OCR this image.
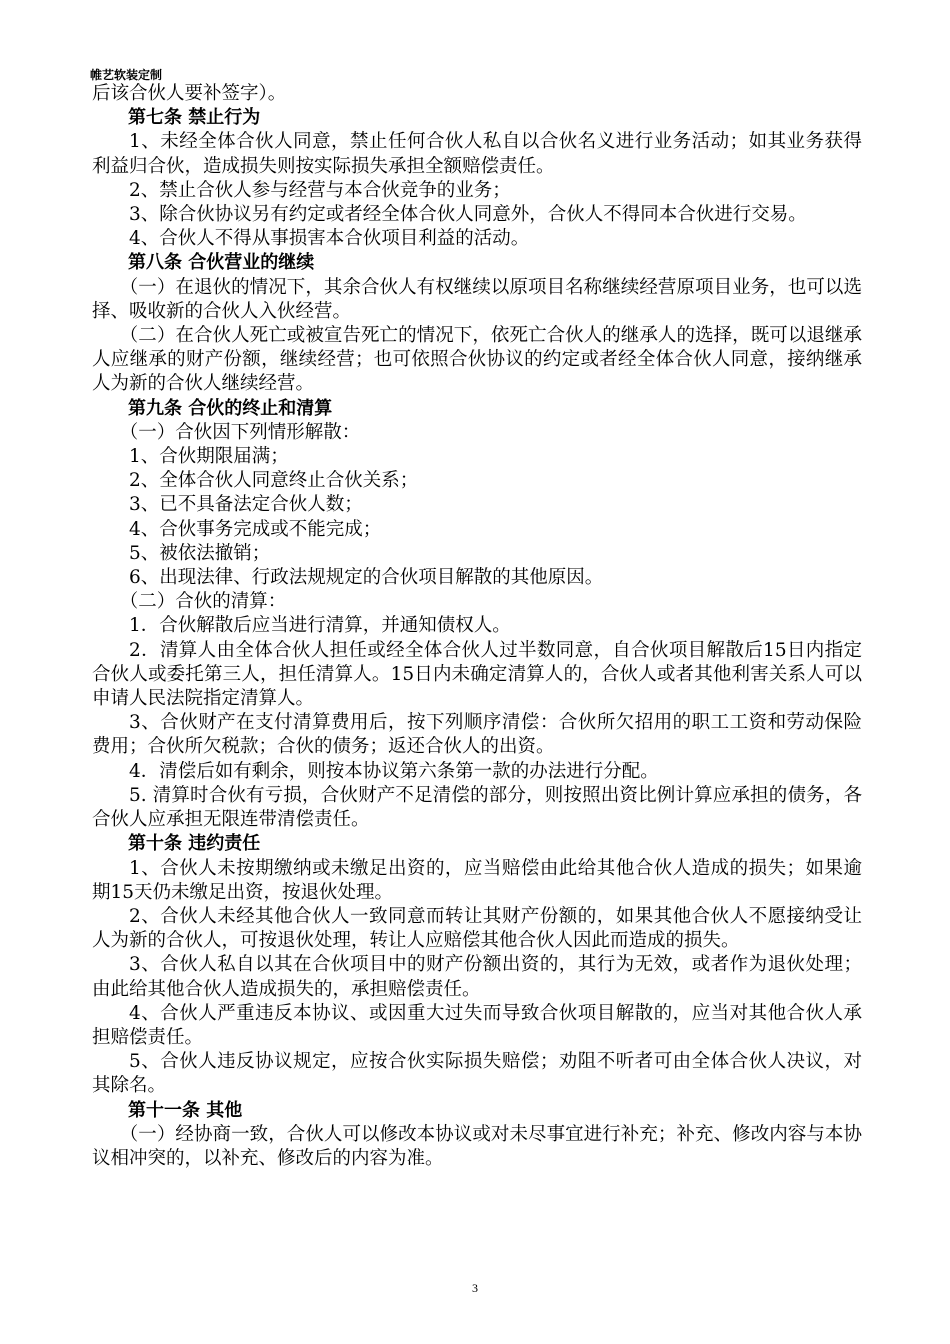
帷艺软装定制

后该合伙人要补签字）。

第七条 禁止行为

1、未经全体合伙人同意，禁止任何合伙人私自以合伙名义进行业务活动；如其业务获得利益归合伙，造成损失则按实际损失承担全额赔偿责任。

2、禁止合伙人参与经营与本合伙竞争的业务；

3、除合伙协议另有约定或者经全体合伙人同意外，合伙人不得同本合伙进行交易。

4、合伙人不得从事损害本合伙项目利益的活动。

第八条 合伙营业的继续

（一）在退伙的情况下，其余合伙人有权继续以原项目名称继续经营原项目业务，也可以选择、吸收新的合伙人入伙经营。

（二）在合伙人死亡或被宣告死亡的情况下，依死亡合伙人的继承人的选择，既可以退继承人应继承的财产份额，继续经营；也可依照合伙协议的约定或者经全体合伙人同意，接纳继承人为新的合伙人继续经营。

第九条 合伙的终止和清算

（一）合伙因下列情形解散：

1、合伙期限届满；

2、全体合伙人同意终止合伙关系；

3、已不具备法定合伙人数；

4、合伙事务完成或不能完成；

5、被依法撤销；

6、出现法律、行政法规规定的合伙项目解散的其他原因。

（二）合伙的清算：

1．合伙解散后应当进行清算，并通知债权人。

2．清算人由全体合伙人担任或经全体合伙人过半数同意，自合伙项目解散后15日内指定合伙人或委托第三人，担任清算人。15日内未确定清算人的，合伙人或者其他利害关系人可以申请人民法院指定清算人。

3、合伙财产在支付清算费用后，按下列顺序清偿：合伙所欠招用的职工工资和劳动保险费用；合伙所欠税款；合伙的债务；返还合伙人的出资。

4．清偿后如有剩余，则按本协议第六条第一款的办法进行分配。

5. 清算时合伙有亏损，合伙财产不足清偿的部分，则按照出资比例计算应承担的债务，各合伙人应承担无限连带清偿责任。

第十条 违约责任

1、合伙人未按期缴纳或未缴足出资的，应当赔偿由此给其他合伙人造成的损失；如果逾期15天仍未缴足出资，按退伙处理。

2、合伙人未经其他合伙人一致同意而转让其财产份额的，如果其他合伙人不愿接纳受让人为新的合伙人，可按退伙处理，转让人应赔偿其他合伙人因此而造成的损失。

3、合伙人私自以其在合伙项目中的财产份额出资的，其行为无效，或者作为退伙处理；由此给其他合伙人造成损失的，承担赔偿责任。

4、合伙人严重违反本协议、或因重大过失而导致合伙项目解散的，应当对其他合伙人承担赔偿责任。

5、合伙人违反协议规定，应按合伙实际损失赔偿；劝阻不听者可由全体合伙人决议，对其除名。

第十一条 其他

（一）经协商一致，合伙人可以修改本协议或对未尽事宜进行补充；补充、修改内容与本协议相冲突的，以补充、修改后的内容为准。

3
